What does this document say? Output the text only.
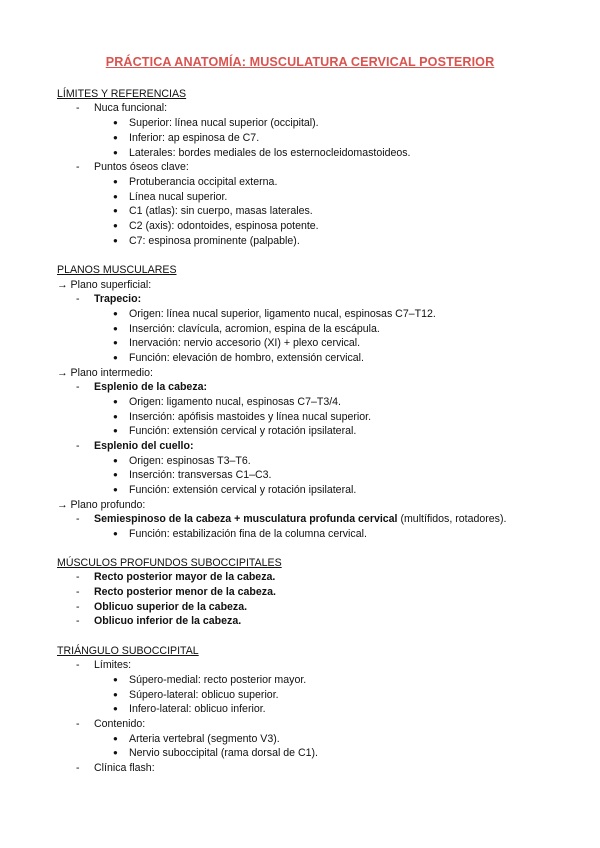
PRÁCTICA ANATOMÍA: MUSCULATURA CERVICAL POSTERIOR
LÍMITES Y REFERENCIAS
- Nuca funcional:
● Superior: línea nucal superior (occipital).
● Inferior: ap espinosa de C7.
● Laterales: bordes mediales de los esternocleidomastoideos.
- Puntos óseos clave:
● Protuberancia occipital externa.
● Línea nucal superior.
● C1 (atlas): sin cuerpo, masas laterales.
● C2 (axis): odontoides, espinosa potente.
● C7: espinosa prominente (palpable).
PLANOS MUSCULARES
→ Plano superficial:
- Trapecio:
● Origen: línea nucal superior, ligamento nucal, espinosas C7–T12.
● Inserción: clavícula, acromion, espina de la escápula.
● Inervación: nervio accesorio (XI) + plexo cervical.
● Función: elevación de hombro, extensión cervical.
→ Plano intermedio:
- Esplenio de la cabeza:
● Origen: ligamento nucal, espinosas C7–T3/4.
● Inserción: apófisis mastoides y línea nucal superior.
● Función: extensión cervical y rotación ipsilateral.
- Esplenio del cuello:
● Origen: espinosas T3–T6.
● Inserción: transversas C1–C3.
● Función: extensión cervical y rotación ipsilateral.
→ Plano profundo:
- Semiespinoso de la cabeza + musculatura profunda cervical (multífidos, rotadores).
● Función: estabilización fina de la columna cervical.
MÚSCULOS PROFUNDOS SUBOCCIPITALES
- Recto posterior mayor de la cabeza.
- Recto posterior menor de la cabeza.
- Oblicuo superior de la cabeza.
- Oblicuo inferior de la cabeza.
TRIÁNGULO SUBOCCIPITAL
- Límites:
● Súpero-medial: recto posterior mayor.
● Súpero-lateral: oblicuo superior.
● Infero-lateral: oblicuo inferior.
- Contenido:
● Arteria vertebral (segmento V3).
● Nervio suboccipital (rama dorsal de C1).
- Clínica flash:
